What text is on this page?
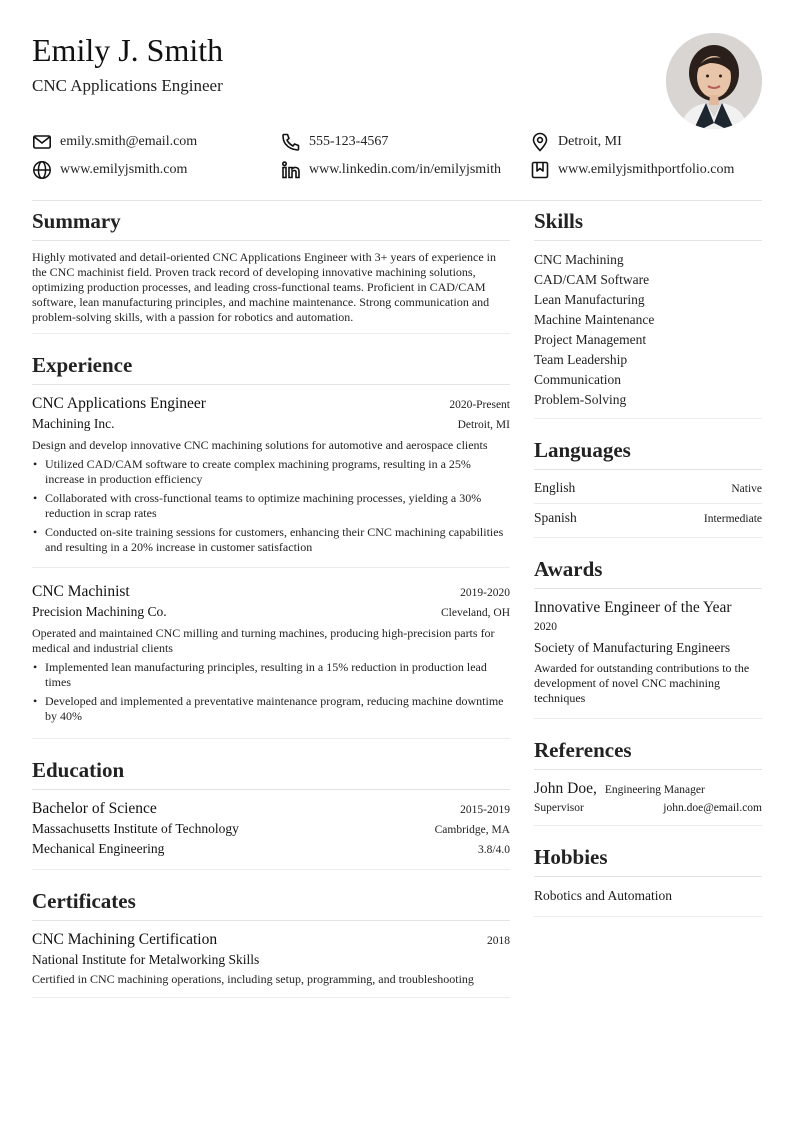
Emily J. Smith
CNC Applications Engineer
emily.smith@email.com	555-123-4567	Detroit, MI
www.emilyjsmith.com	www.linkedin.com/in/emilyjsmith	www.emilyjsmithportfolio.com
Summary

Highly motivated and detail-oriented CNC Applications Engineer with 3+ years of experience in the CNC machinist field. Proven track record of developing innovative machining solutions, optimizing production processes, and leading cross-functional teams. Proficient in CAD/CAM software, lean manufacturing principles, and machine maintenance. Strong communication and problem-solving skills, with a passion for robotics and automation.

Experience
CNC Applications Engineer	2020-Present
Machining Inc.	Detroit, MI

Design and develop innovative CNC machining solutions for automotive and aerospace clients

• Utilized CAD/CAM software to create complex machining programs, resulting in a 25% increase in production efficiency
• Collaborated with cross-functional teams to optimize machining processes, yielding a 30% reduction in scrap rates
• Conducted on-site training sessions for customers, enhancing their CNC machining capabilities and resulting in a 20% increase in customer satisfaction
CNC Machinist	2019-2020
Precision Machining Co.	Cleveland, OH

Operated and maintained CNC milling and turning machines, producing high-precision parts for medical and industrial clients

• Implemented lean manufacturing principles, resulting in a 15% reduction in production lead times
• Developed and implemented a preventative maintenance program, reducing machine downtime by 40%
Education
Bachelor of Science	2015-2019
Massachusetts Institute of Technology	Cambridge, MA
Mechanical Engineering	3.8/4.0
Certificates
CNC Machining Certification	2018
National Institute for Metalworking Skills

Certified in CNC machining operations, including setup, programming, and troubleshooting

Skills
CNC Machining
CAD/CAM Software
Lean Manufacturing
Machine Maintenance
Project Management
Team Leadership
Communication
Problem-Solving
Languages
English	Native
Spanish	Intermediate
Awards
Innovative Engineer of the Year
2020
Society of Manufacturing Engineers

Awarded for outstanding contributions to the development of novel CNC machining techniques

References
John Doe, Engineering Manager
Supervisor	john.doe@email.com
Hobbies
Robotics and Automation
